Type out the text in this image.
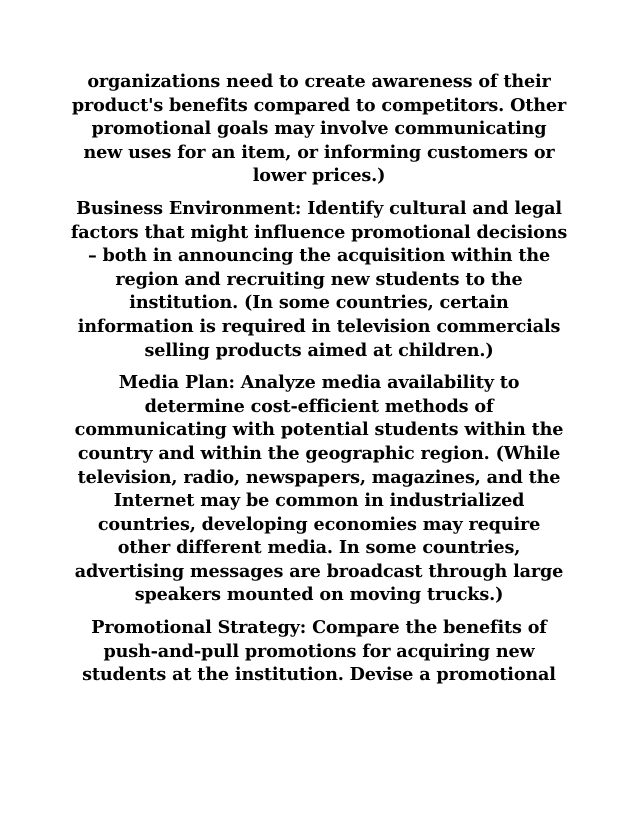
organizations need to create awareness of their
product's benefits compared to competitors. Other
promotional goals may involve communicating
new uses for an item, or informing customers or
lower prices.)

Business Environment: Identify cultural and legal
factors that might influence promotional decisions
– both in announcing the acquisition within the
region and recruiting new students to the
institution. (In some countries, certain
information is required in television commercials
selling products aimed at children.)

Media Plan: Analyze media availability to
determine cost-efficient methods of
communicating with potential students within the
country and within the geographic region. (While
television, radio, newspapers, magazines, and the
Internet may be common in industrialized
countries, developing economies may require
other different media. In some countries,
advertising messages are broadcast through large
speakers mounted on moving trucks.)

Promotional Strategy: Compare the benefits of
push-and-pull promotions for acquiring new
students at the institution. Devise a promotional
